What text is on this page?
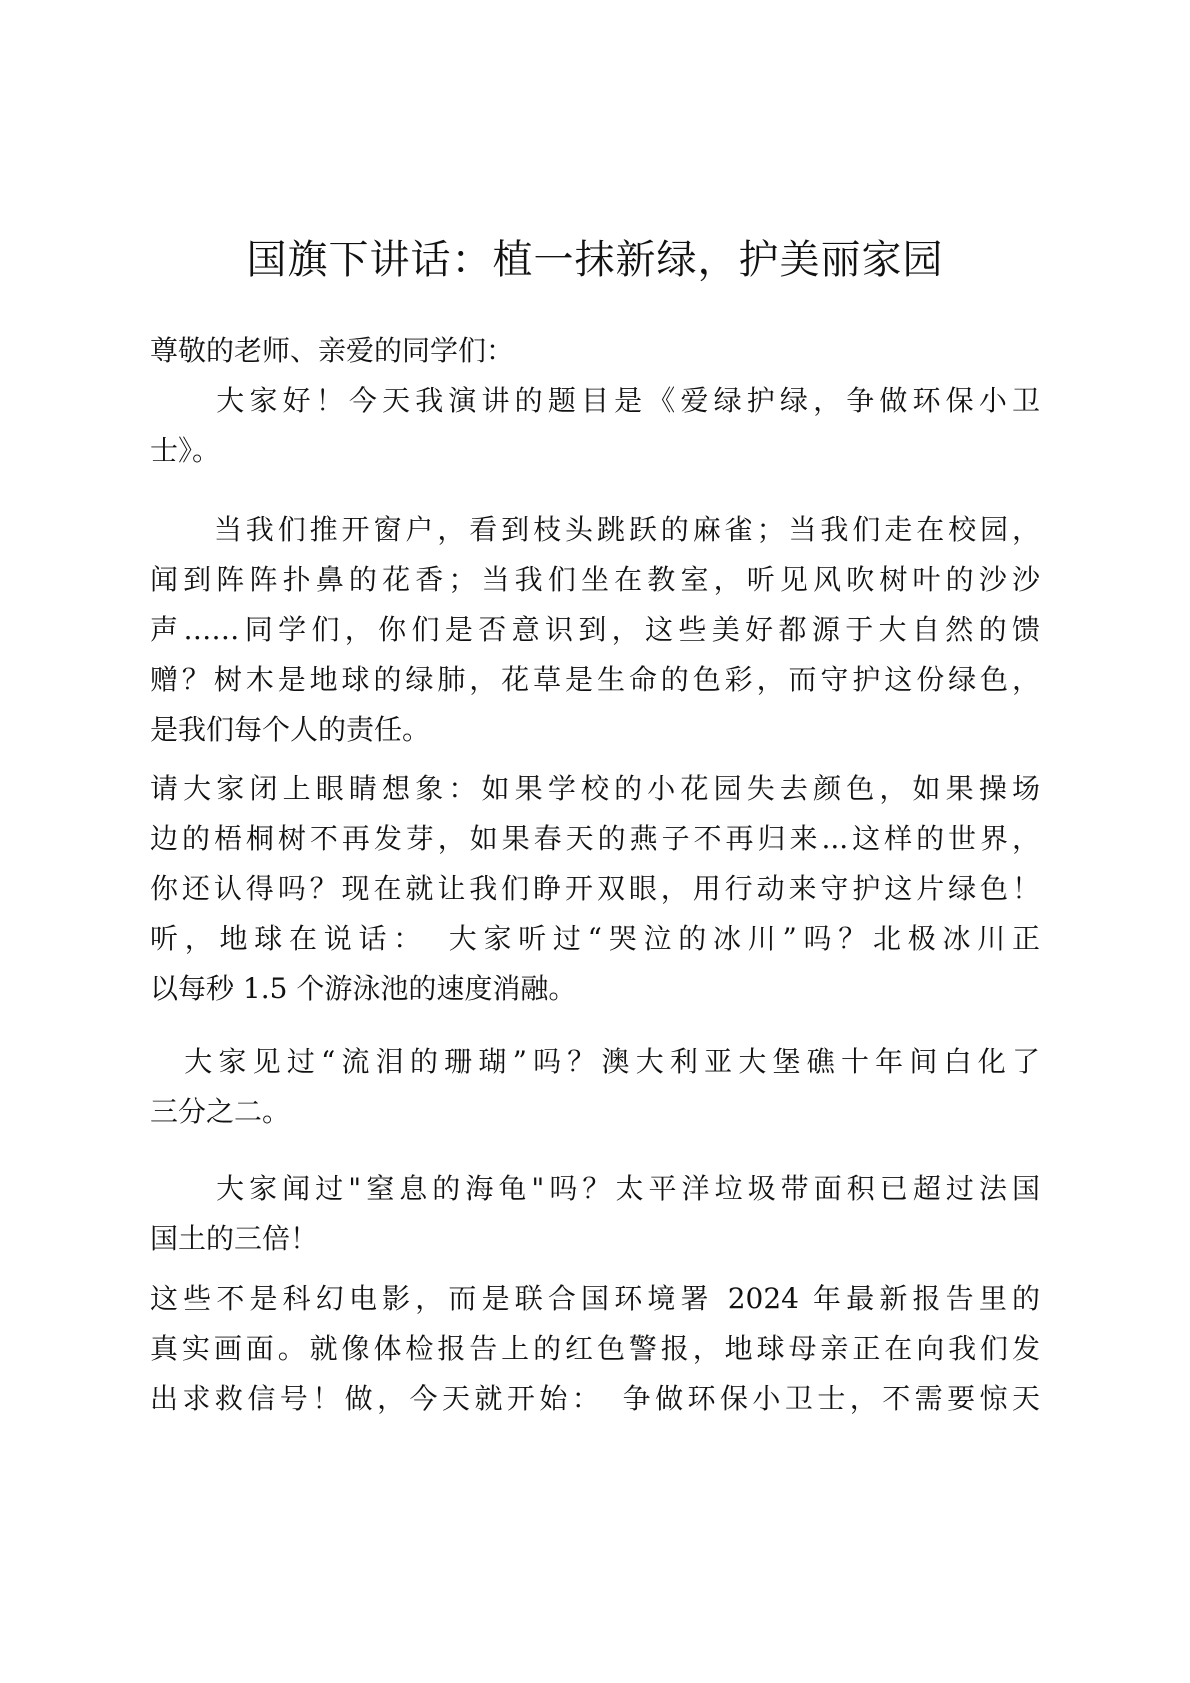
国旗下讲话：植一抹新绿，护美丽家园
尊敬的老师、亲爱的同学们：
　　大家好！今天我演讲的题目是《爱绿护绿，争做环保小卫
士》。
　　当我们推开窗户，看到枝头跳跃的麻雀；当我们走在校园，
闻到阵阵扑鼻的花香；当我们坐在教室，听见风吹树叶的沙沙
声……同学们，你们是否意识到，这些美好都源于大自然的馈
赠？树木是地球的绿肺，花草是生命的色彩，而守护这份绿色，
是我们每个人的责任。
请大家闭上眼睛想象：如果学校的小花园失去颜色，如果操场
边的梧桐树不再发芽，如果春天的燕子不再归来...这样的世界，
你还认得吗？现在就让我们睁开双眼，用行动来守护这片绿色！
听，地球在说话：　大家听过“哭泣的冰川”吗？北极冰川正
以每秒 1.5 个游泳池的速度消融。
　大家见过“流泪的珊瑚”吗？澳大利亚大堡礁十年间白化了
三分之二。
　　大家闻过"窒息的海龟"吗？太平洋垃圾带面积已超过法国
国土的三倍！
这些不是科幻电影，而是联合国环境署 2024 年最新报告里的
真实画面。就像体检报告上的红色警报，地球母亲正在向我们发
出求救信号！做，今天就开始：　争做环保小卫士，不需要惊天
